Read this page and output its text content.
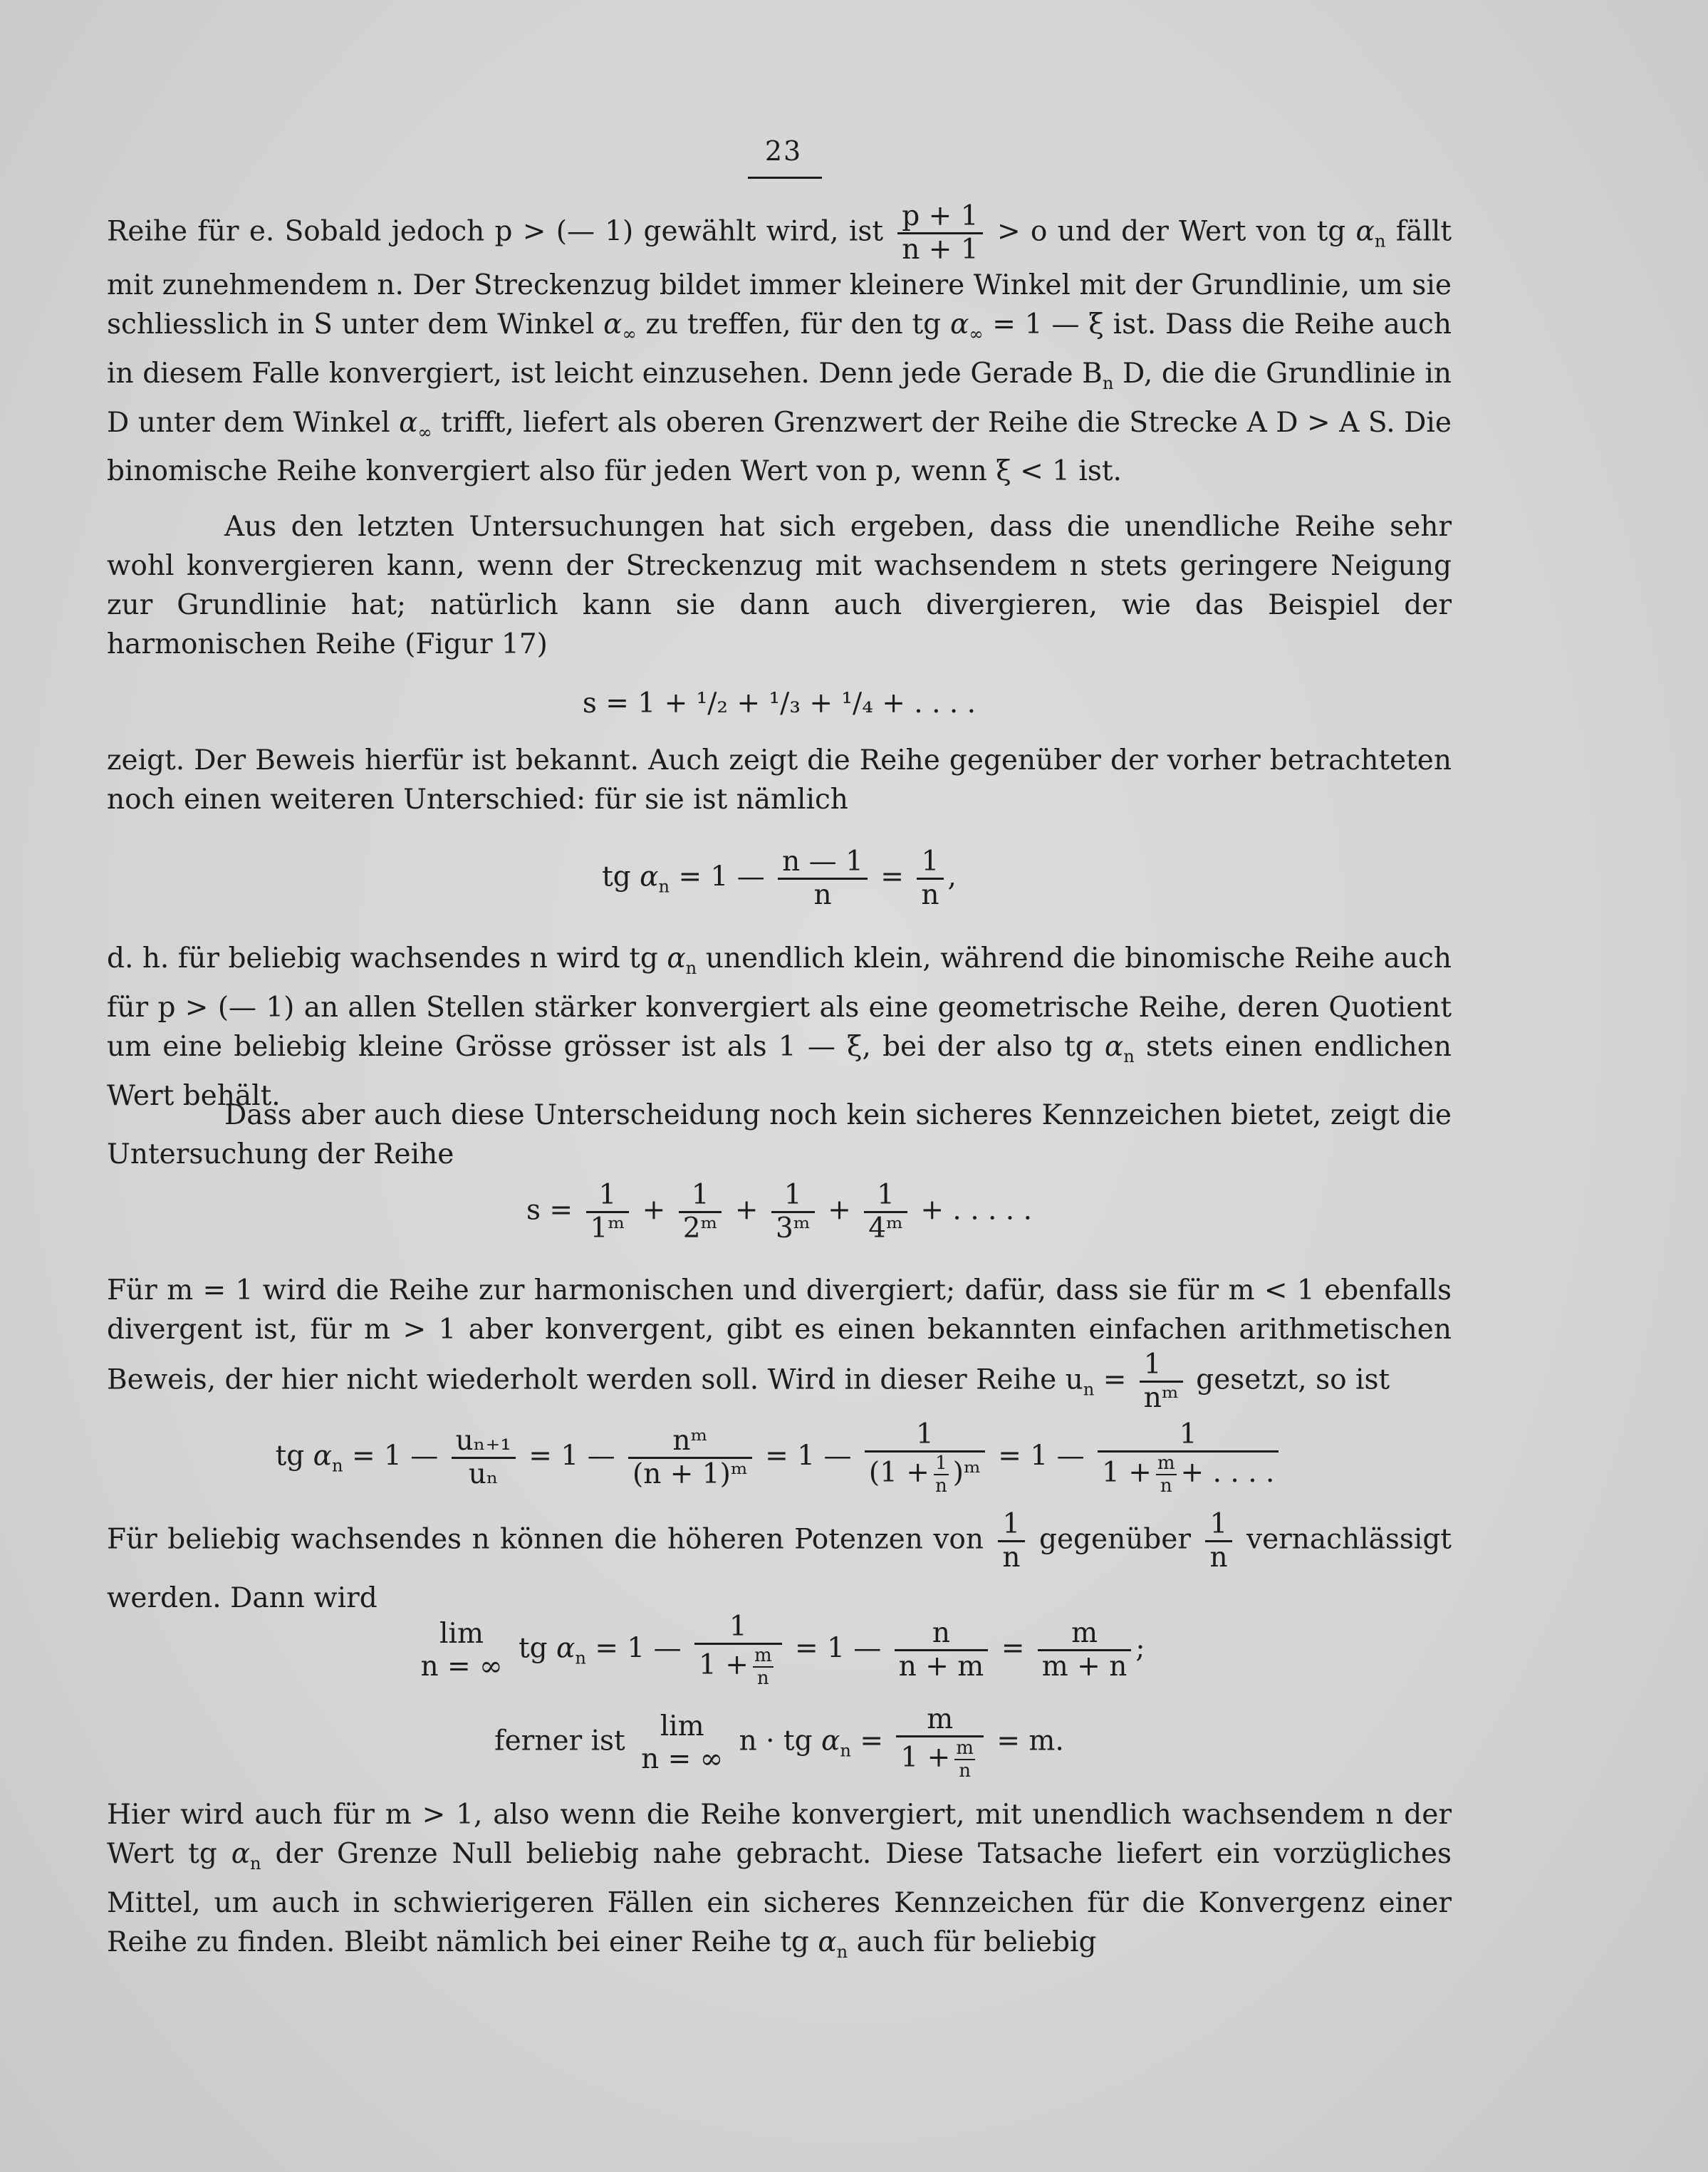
23

Reihe für e. Sobald jedoch p > (— 1) gewählt wird, ist $\frac{p + 1}{n + 1} > o$ und der Wert von tg $\alpha_n$ fällt mit zunehmendem n. Der Streckenzug bildet immer kleinere Winkel mit der Grundlinie, um sie schliesslich in S unter dem Winkel $\alpha_\infty$ zu treffen, für den tg $\alpha_\infty = 1$ — ξ ist. Dass die Reihe auch in diesem Falle konvergiert, ist leicht einzusehen. Denn jede Gerade $B_n$ D, die die Grundlinie in D unter dem Winkel $\alpha_\infty$ trifft, liefert als oberen Grenzwert der Reihe die Strecke A D > A S. Die binomische Reihe konvergiert also für jeden Wert von p, wenn ξ < 1 ist.

Aus den letzten Untersuchungen hat sich ergeben, dass die unendliche Reihe sehr wohl konvergieren kann, wenn der Streckenzug mit wachsendem n stets geringere Neigung zur Grundlinie hat; natürlich kann sie dann auch divergieren, wie das Beispiel der harmonischen Reihe (Figur 17)

s = 1 + ¹/₂ + ¹/₃ + ¹/₄ + . . . .

zeigt. Der Beweis hierfür ist bekannt. Auch zeigt die Reihe gegenüber der vorher betrachteten noch einen weiteren Unterschied: für sie ist nämlich

tg $\alpha_n = 1$ — $\frac{n — 1}{n} = \frac{1}{n}$ ,

d. h. für beliebig wachsendes n wird tg $\alpha_n$ unendlich klein, während die binomische Reihe auch für p > (— 1) an allen Stellen stärker konvergiert als eine geometrische Reihe, deren Quotient um eine beliebig kleine Grösse grösser ist als 1 — ξ, bei der also tg $\alpha_n$ stets einen endlichen Wert behält.

Dass aber auch diese Unterscheidung noch kein sicheres Kennzeichen bietet, zeigt die Untersuchung der Reihe

$s = \frac{1}{\text{1ᵐ}} + \frac{1}{\text{2ᵐ}} + \frac{1}{\text{3ᵐ}} + \frac{1}{\text{4ᵐ}}$ + . . . . .

Für m = 1 wird die Reihe zur harmonischen und divergiert; dafür, dass sie für m < 1 ebenfalls divergent ist, für m > 1 aber konvergent, gibt es einen bekannten einfachen arithmetischen Beweis, der hier nicht wiederholt werden soll. Wird in dieser Reihe $u_n = \frac{1}{\text{nᵐ}}$ gesetzt, so ist

tg $\alpha_n = 1$ — $\frac{\text{uₙ₊₁}}{\text{uₙ}} = 1$ — $\frac{\text{nᵐ}}{\text{(n + 1)ᵐ}} = 1$ — $\frac{1}{(1 + \frac{1}{n} )ᵐ} = 1$ — $\frac{1}{1 + \frac{m}{n} + . . . .}$

Für beliebig wachsendes n können die höheren Potenzen von $\frac{1}{n}$ gegenüber $\frac{1}{n}$ vernachlässigt werden. Dann wird

lim
n = ∞
tg $\alpha_n = 1$ — $\frac{1}{1 + \frac{m}{n}} = 1$ — $\frac{n}{n + m} = \frac{m}{m + n}$ ;
ferner ist	lim
n = ∞
n · tg $\alpha_n = \frac{m}{1 + \frac{m}{n}} = m$.

Hier wird auch für m > 1, also wenn die Reihe konvergiert, mit unendlich wachsendem n der Wert tg $\alpha_n$ der Grenze Null beliebig nahe gebracht. Diese Tatsache liefert ein vorzügliches Mittel, um auch in schwierigeren Fällen ein sicheres Kennzeichen für die Konvergenz einer Reihe zu finden. Bleibt nämlich bei einer Reihe tg $\alpha_n$ auch für beliebig
